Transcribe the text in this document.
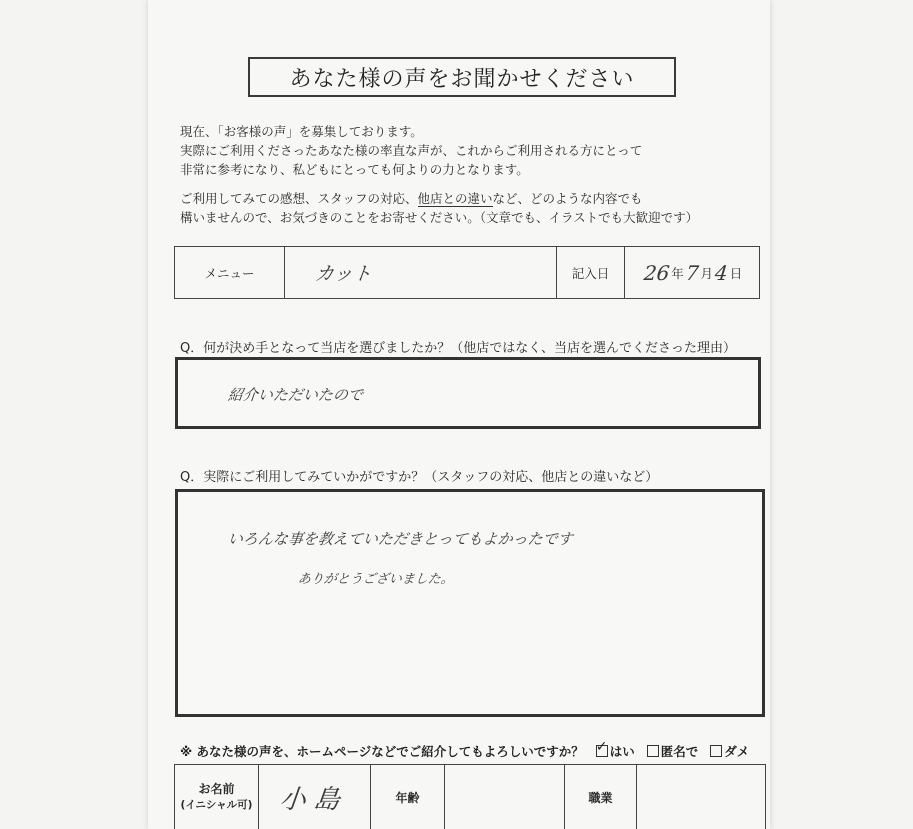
あなた様の声をお聞かせください

現在、「お客様の声」を募集しております。

実際にご利用くださったあなた様の率直な声が、これからご利用される方にとって

非常に参考になり、私どもにとっても何よりの力となります。

ご利用してみての感想、スタッフの対応、他店との違いなど、どのような内容でも

構いませんので、お気づきのことをお寄せください。（文章でも、イラストでも大歓迎です）

メニュー	カット	記入日	26 年 7 月 4 日
Q．何が決め手となって当店を選びましたか？（他店ではなく、当店を選んでくださった理由）
紹介いただいたので
Q．実際にご利用してみていかがですか？（スタッフの対応、他店との違いなど）
いろんな事を教えていただきとってもよかったです
ありがとうございました。
※ あなた様の声を、ホームページなどでご紹介してもよろしいですか？
✓ はい 匿名で ダメ
お名前
(イニシャル可) 小島	年齢	職業
